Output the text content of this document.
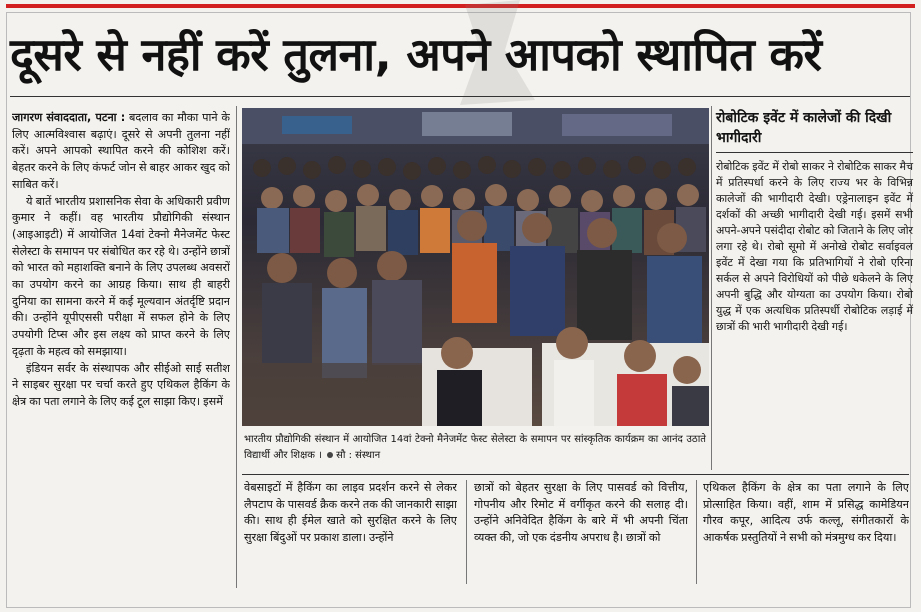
दूसरे से नहीं करें तुलना, अपने आपको स्थापित करें

जागरण संवाददाता, पटना : बदलाव का मौका पाने के लिए आत्मविश्वास बढ़ाएं। दूसरे से अपनी तुलना नहीं करें। अपने आपको स्थापित करने की कोशिश करें। बेहतर करने के लिए कंफर्ट जोन से बाहर आकर खुद को साबित करें।

ये बातें भारतीय प्रशासनिक सेवा के अधिकारी प्रवीण कुमार ने कहीं। वह भारतीय प्रौद्योगिकी संस्थान (आइआइटी) में आयोजित 14वां टेक्नो मैनेजमेंट फेस्ट सेलेस्टा के समापन पर संबोधित कर रहे थे। उन्होंने छात्रों को भारत को महाशक्ति बनाने के लिए उपलब्ध अवसरों का उपयोग करने का आग्रह किया। साथ ही बाहरी दुनिया का सामना करने में कई मूल्यवान अंतर्दृष्टि प्रदान की। उन्होंने यूपीएससी परीक्षा में सफल होने के लिए उपयोगी टिप्स और इस लक्ष्य को प्राप्त करने के लिए दृढ़ता के महत्व को समझाया।

इंडियन सर्वर के संस्थापक और सीईओ साई सतीश ने साइबर सुरक्षा पर चर्चा करते हुए एथिकल हैकिंग के क्षेत्र का पता लगाने के लिए कई टूल साझा किए। इसमें

भारतीय प्रौद्योगिकी संस्थान में आयोजित 14वां टेक्नो मैनेजमेंट फेस्ट सेलेस्टा के समापन पर सांस्कृतिक कार्यक्रम का आनंद उठाते विद्यार्थी और शिक्षक । सौ : संस्थान

वेबसाइटों में हैकिंग का लाइव प्रदर्शन करने से लेकर लैपटाप के पासवर्ड क्रैक करने तक की जानकारी साझा की। साथ ही ईमेल खाते को सुरक्षित करने के लिए सुरक्षा बिंदुओं पर प्रकाश डाला। उन्होंने

छात्रों को बेहतर सुरक्षा के लिए पासवर्ड को वित्तीय, गोपनीय और रिमोट में वर्गीकृत करने की सलाह दी। उन्होंने अनिवेदित हैकिंग के बारे में भी अपनी चिंता व्यक्त की, जो एक दंडनीय अपराध है। छात्रों को

एथिकल हैकिंग के क्षेत्र का पता लगाने के लिए प्रोत्साहित किया। वहीं, शाम में प्रसिद्ध कामेडियन गौरव कपूर, आदित्य उर्फ कल्लू, संगीतकारों के आकर्षक प्रस्तुतियों ने सभी को मंत्रमुग्ध कर दिया।

रोबोटिक इवेंट में कालेजों की दिखी भागीदारी

रोबोटिक इवेंट में रोबो साकर ने रोबोटिक साकर मैच में प्रतिस्पर्धा करने के लिए राज्य भर के विभिन्न कालेजों की भागीदारी देखी। एड्रेनालाइन इवेंट में दर्शकों की अच्छी भागीदारी देखी गई। इसमें सभी अपने-अपने पसंदीदा रोबोट को जिताने के लिए जोर लगा रहे थे। रोबो सूमो में अनोखे रोबोट सर्वाइवल इवेंट में देखा गया कि प्रतिभागियों ने रोबो एरिना सर्कल से अपने विरोधियों को पीछे धकेलने के लिए अपनी बुद्धि और योग्यता का उपयोग किया। रोबो युद्ध में एक अत्यधिक प्रतिस्पर्धी रोबोटिक लड़ाई में छात्रों की भारी भागीदारी देखी गई।
